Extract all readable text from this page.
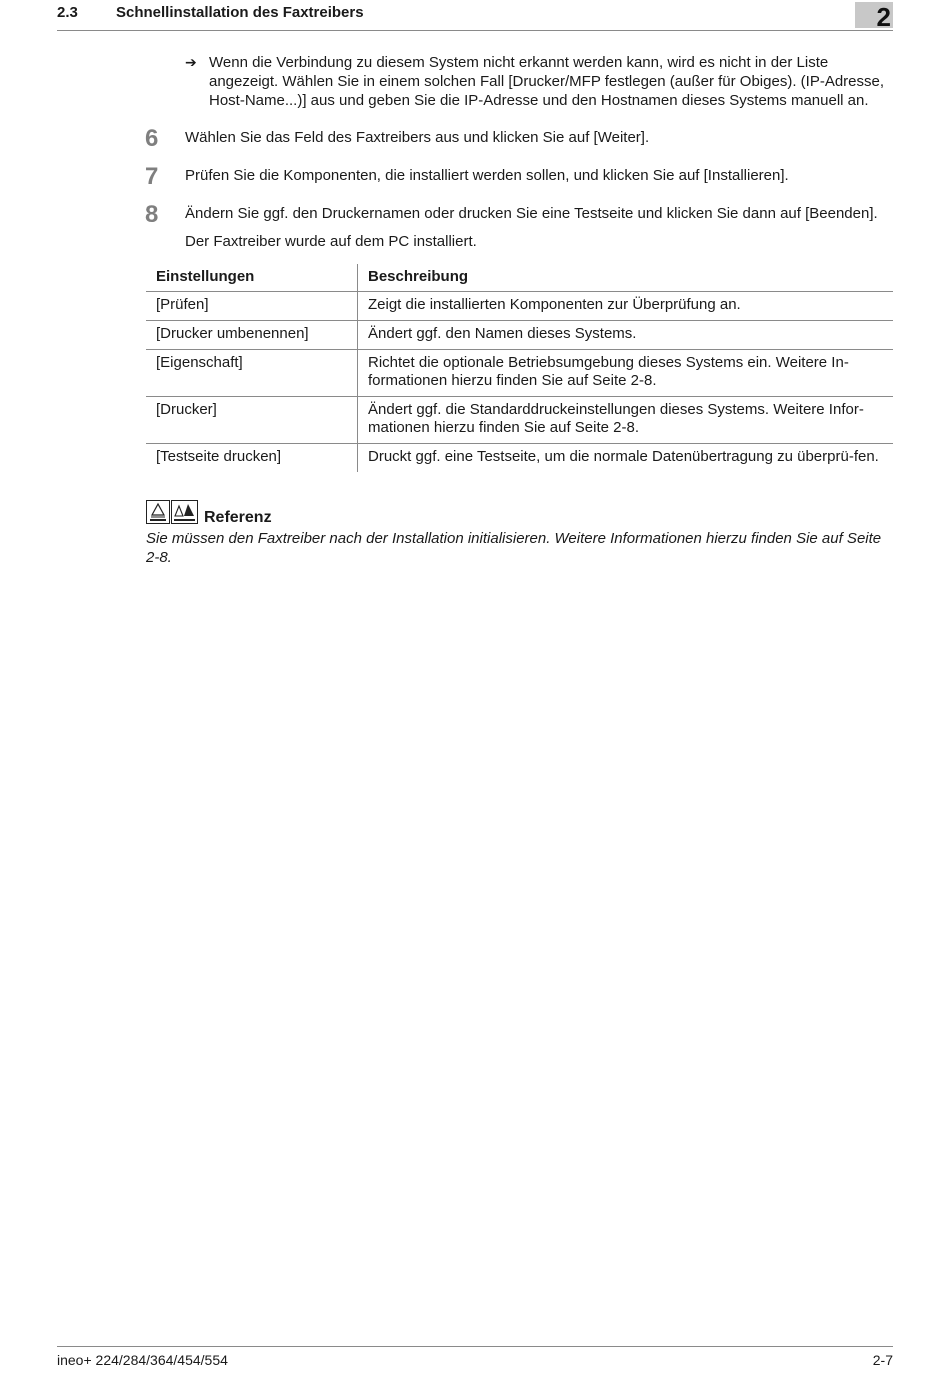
2.3	Schnellinstallation des Faxtreibers	2
➔ Wenn die Verbindung zu diesem System nicht erkannt werden kann, wird es nicht in der Liste angezeigt. Wählen Sie in einem solchen Fall [Drucker/MFP festlegen (außer für Obiges). (IP-Adresse, Host-Name...)] aus und geben Sie die IP-Adresse und den Hostnamen dieses Systems manuell an.
6 Wählen Sie das Feld des Faxtreibers aus und klicken Sie auf [Weiter].
7 Prüfen Sie die Komponenten, die installiert werden sollen, und klicken Sie auf [Installieren].
8 Ändern Sie ggf. den Druckernamen oder drucken Sie eine Testseite und klicken Sie dann auf [Beenden].
Der Faxtreiber wurde auf dem PC installiert.
Einstellungen	Beschreibung
[Prüfen]	Zeigt die installierten Komponenten zur Überprüfung an.
[Drucker umbenennen]	Ändert ggf. den Namen dieses Systems.
[Eigenschaft]	Richtet die optionale Betriebsumgebung dieses Systems ein. Weitere In-formationen hierzu finden Sie auf Seite 2-8.
[Drucker]	Ändert ggf. die Standarddruckeinstellungen dieses Systems. Weitere Infor-mationen hierzu finden Sie auf Seite 2-8.
[Testseite drucken]	Druckt ggf. eine Testseite, um die normale Datenübertragung zu überprü-fen.
Referenz
Sie müssen den Faxtreiber nach der Installation initialisieren. Weitere Informationen hierzu finden Sie auf Seite 2-8.
ineo+ 224/284/364/454/554	2-7
